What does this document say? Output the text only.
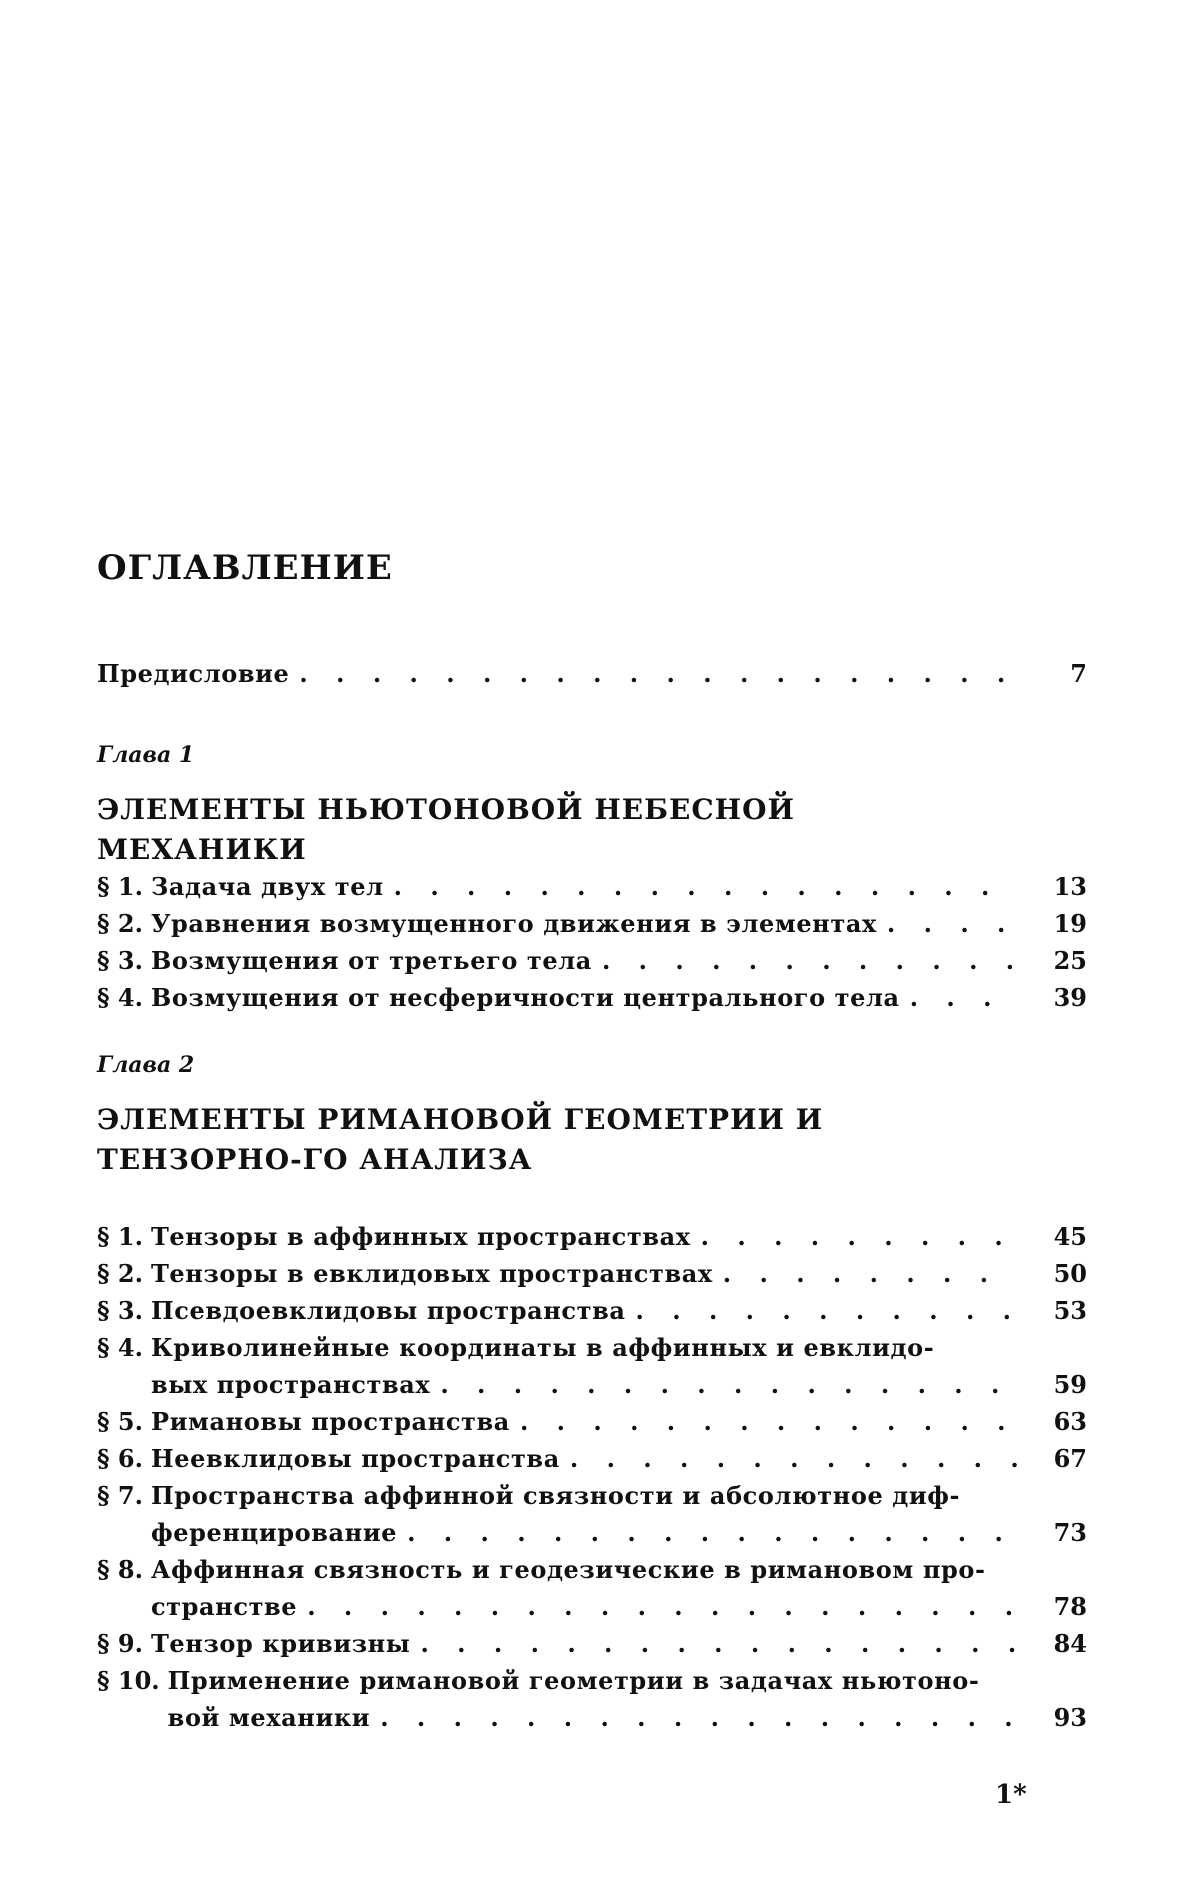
ОГЛАВЛЕНИЕ
Предисловие . . .	7
Глава 1
ЭЛЕМЕНТЫ НЬЮТОНОВОЙ НЕБЕСНОЙ МЕХАНИКИ
§ 1. Задача двух тел . . .	13
§ 2. Уравнения возмущенного движения в элементах . . .	19
§ 3. Возмущения от третьего тела . . .	25
§ 4. Возмущения от несферичности центрального тела . . .	39
Глава 2
ЭЛЕМЕНТЫ РИМАНОВОЙ ГЕОМЕТРИИ И ТЕНЗОРНО-ГО АНАЛИЗА
§ 1. Тензоры в аффинных пространствах . . .	45
§ 2. Тензоры в евклидовых пространствах . . .	50
§ 3. Псевдоевклидовы пространства . . .	53
§ 4. Криволинейные координаты в аффинных и евклидо-
вых пространствах . . .	59
§ 5. Римановы пространства . . .	63
§ 6. Неевклидовы пространства . . .	67
§ 7. Пространства аффинной связности и абсолютное диф-
ференцирование . . .	73
§ 8. Аффинная связность и геодезические в римановом про-
странстве . . .	78
§ 9. Тензор кривизны . . .	84
§ 10. Применение римановой геометрии в задачах ньютоно-
вой механики . . .	93
1*
